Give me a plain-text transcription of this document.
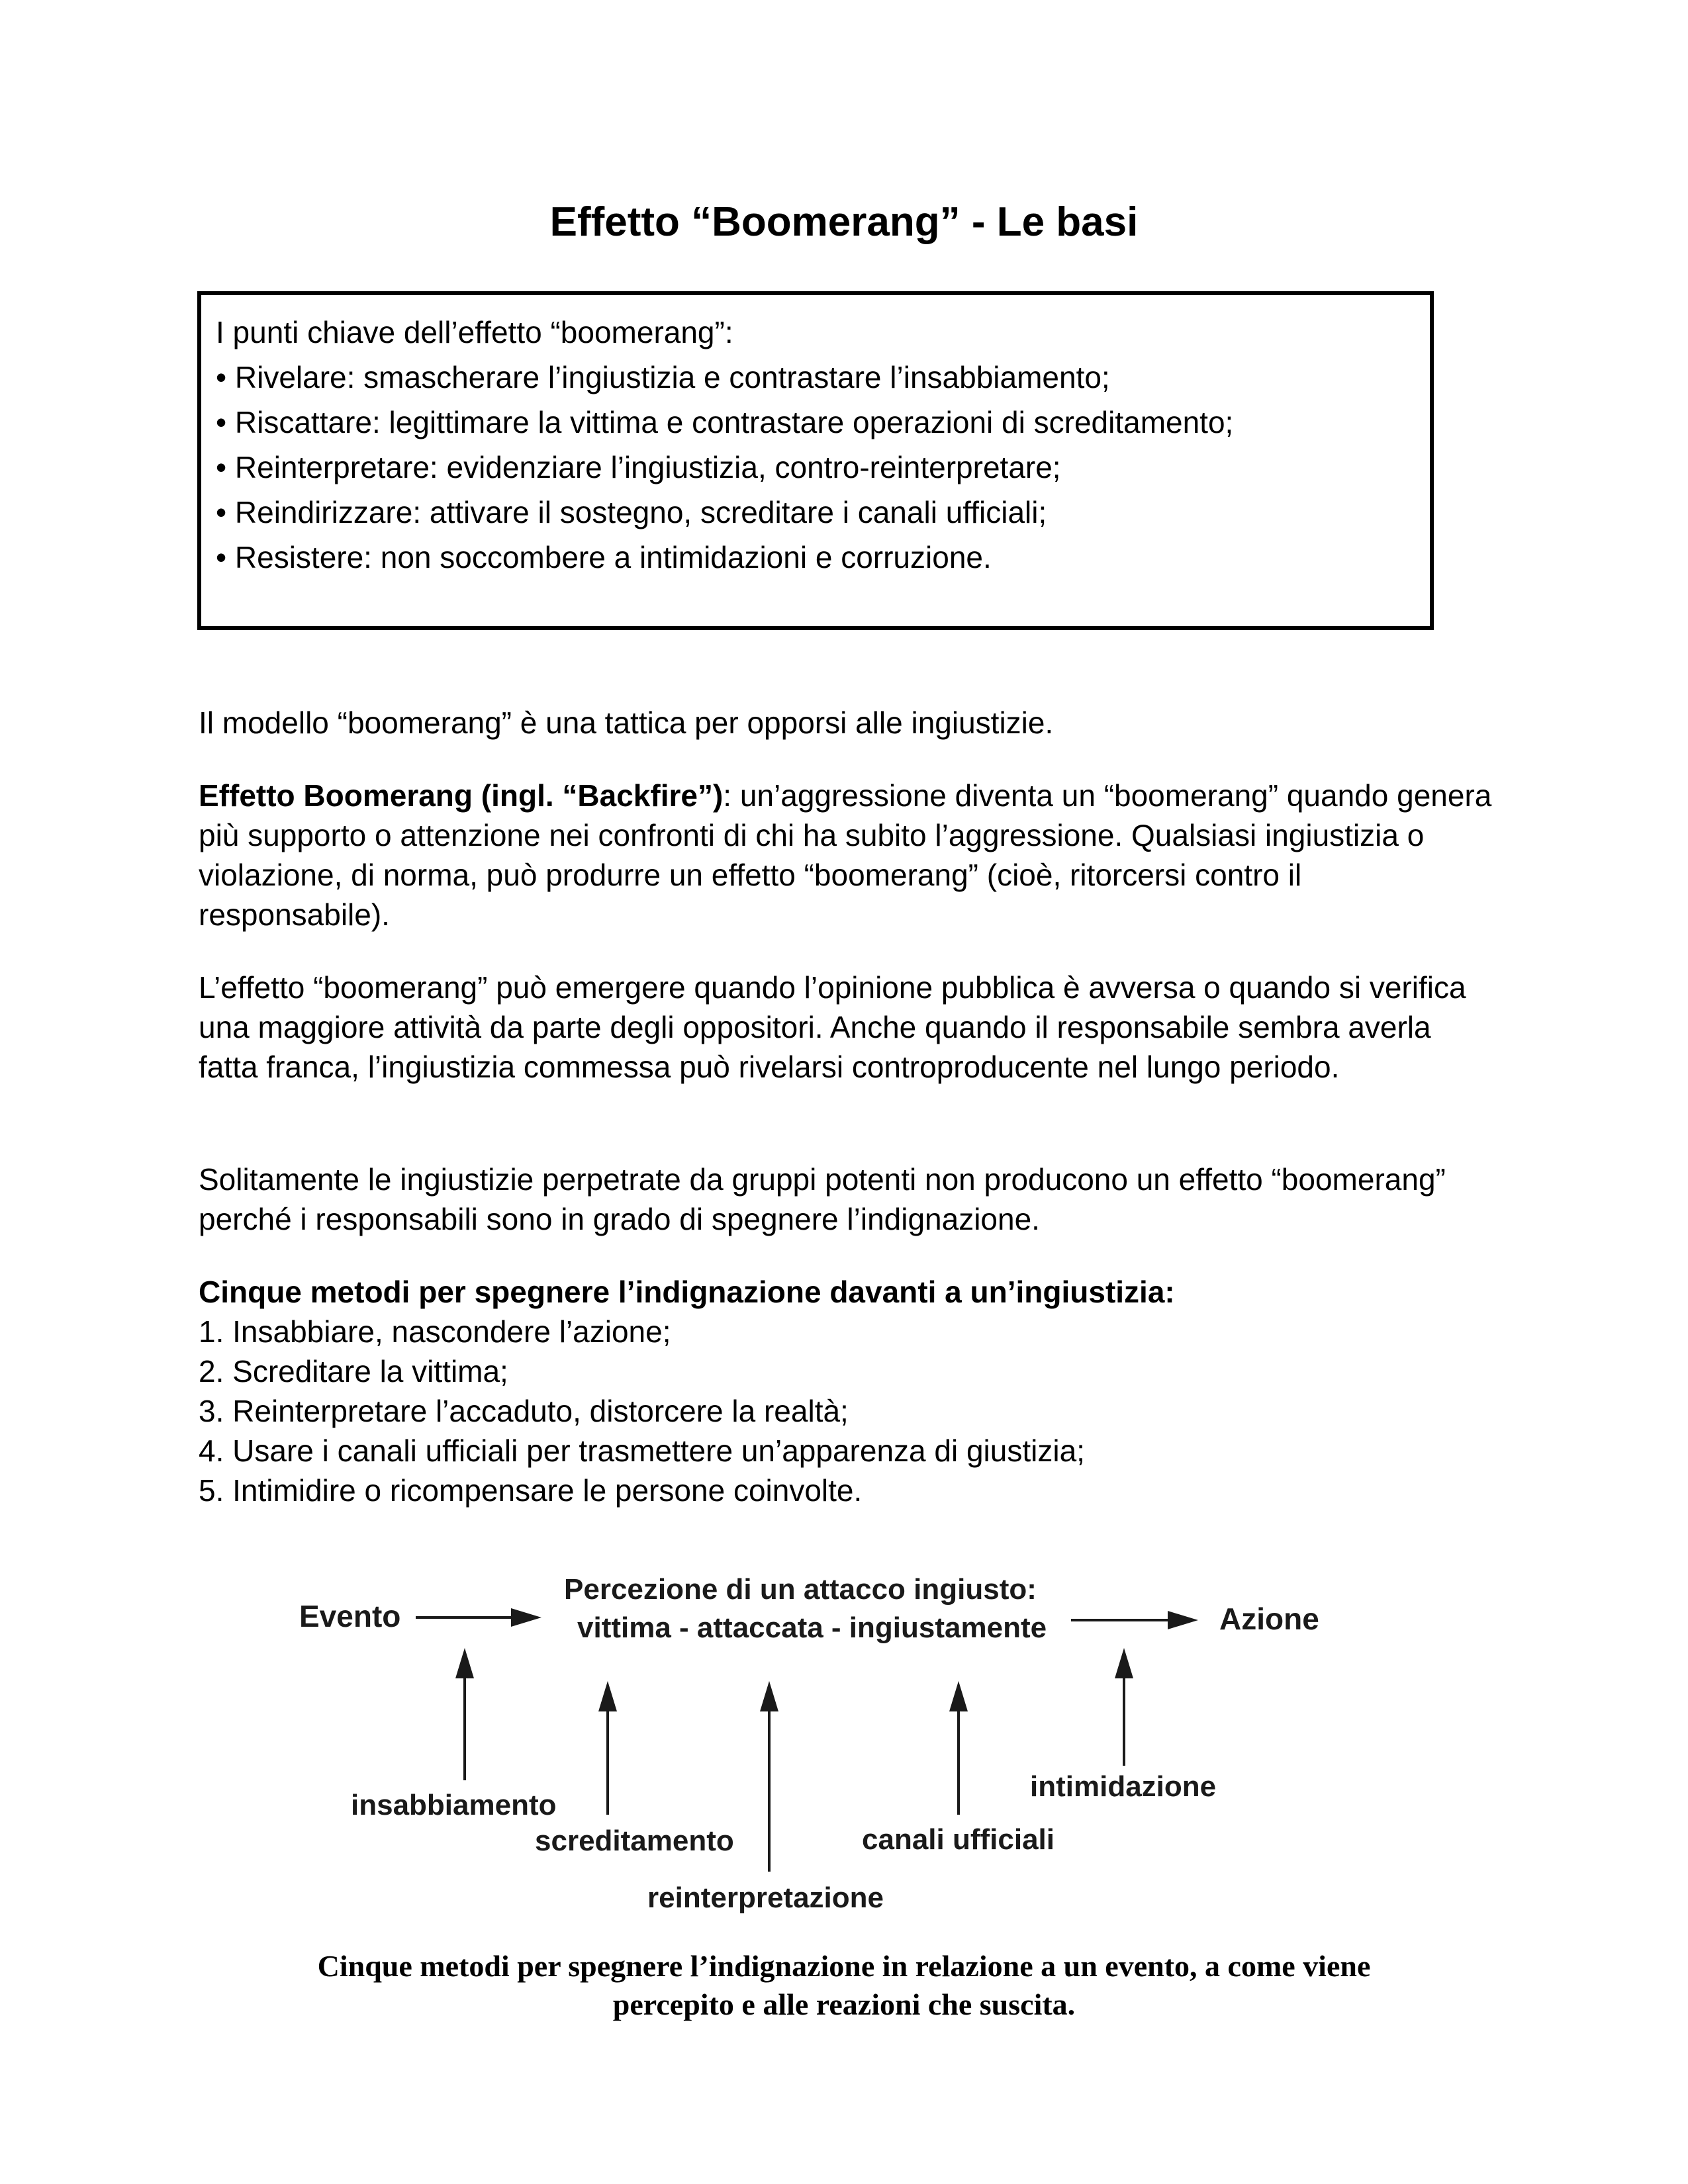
Effetto “Boomerang” - Le basi

I punti chiave dell’effetto “boomerang”:

• Rivelare: smascherare l’ingiustizia e contrastare l’insabbiamento;

• Riscattare: legittimare la vittima e contrastare operazioni di screditamento;

• Reinterpretare: evidenziare l’ingiustizia, contro-reinterpretare;

• Reindirizzare: attivare il sostegno, screditare i canali ufficiali;

• Resistere: non soccombere a intimidazioni e corruzione.

Il modello “boomerang” è una tattica per opporsi alle ingiustizie.

Effetto Boomerang (ingl. “Backfire”): un’aggressione diventa un “boomerang” quando genera più supporto o attenzione nei confronti di chi ha subito l’aggressione. Qualsiasi ingiustizia o violazione, di norma, può produrre un effetto “boomerang” (cioè, ritorcersi contro il responsabile).

L’effetto “boomerang” può emergere quando l’opinione pubblica è avversa o quando si verifica una maggiore attività da parte degli oppositori. Anche quando il responsabile sembra averla fatta franca, l’ingiustizia commessa può rivelarsi controproducente nel lungo periodo.

Solitamente le ingiustizie perpetrate da gruppi potenti non producono un effetto “boomerang” perché i responsabili sono in grado di spegnere l’indignazione.

Cinque metodi per spegnere l’indignazione davanti a un’ingiustizia:
1. Insabbiare, nascondere l’azione;
2. Screditare la vittima;
3. Reinterpretare l’accaduto, distorcere la realtà;
4. Usare i canali ufficiali per trasmettere un’apparenza di giustizia;
5. Intimidire o ricompensare le persone coinvolte.
Evento
Percezione di un attacco ingiusto:
vittima - attaccata - ingiustamente	Azione
insabbiamento
screditamento
reinterpretazione
canali ufficiali
intimidazione
Cinque metodi per spegnere l’indignazione in relazione a un evento, a come viene
percepito e alle reazioni che suscita.
